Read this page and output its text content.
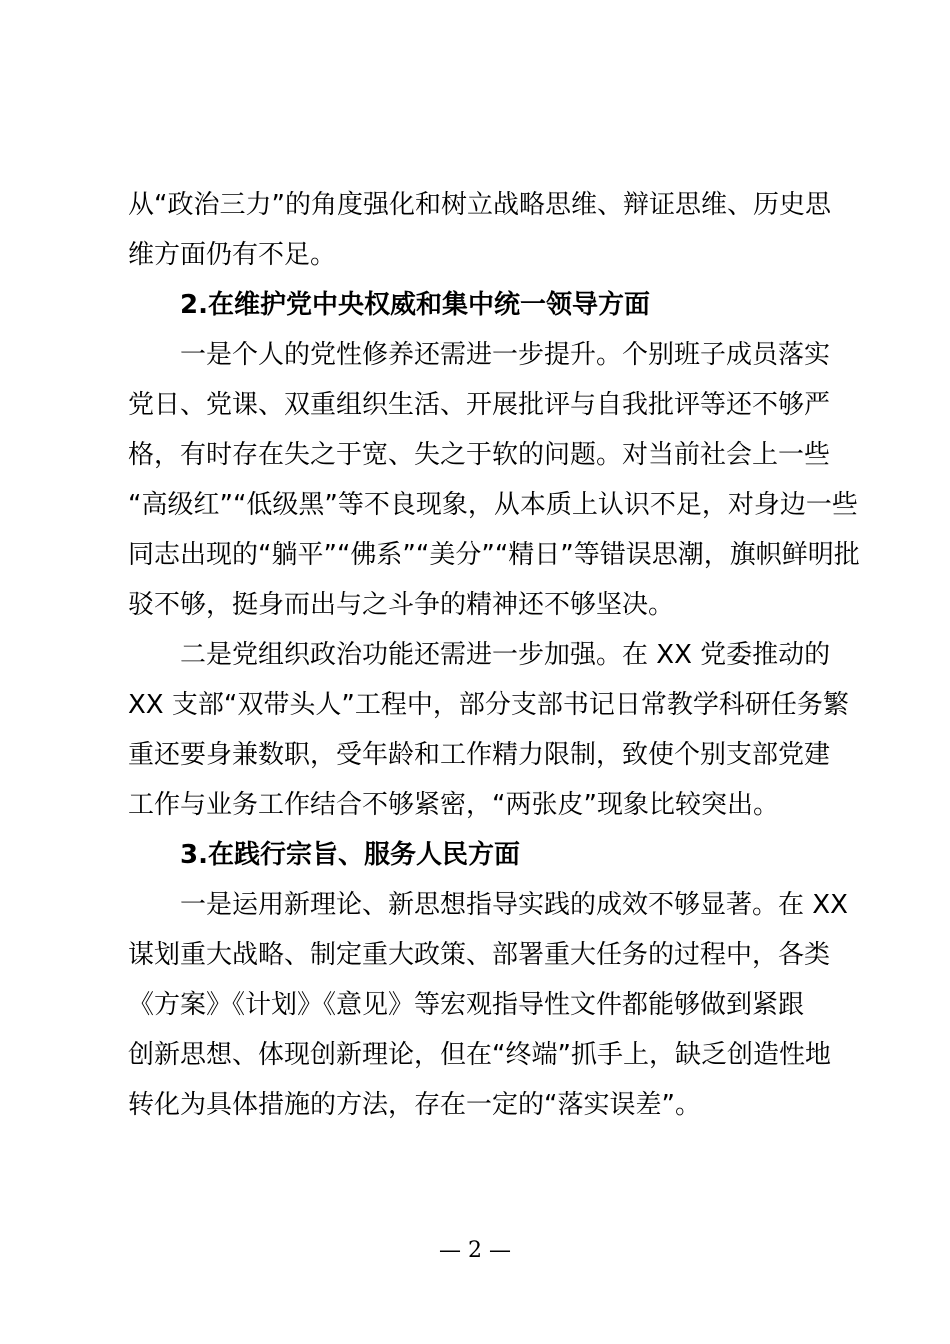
从“政治三力”的角度强化和树立战略思维、辩证思维、历史思
维方面仍有不足。
2.在维护党中央权威和集中统一领导方面
一是个人的党性修养还需进一步提升。个别班子成员落实
党日、党课、双重组织生活、开展批评与自我批评等还不够严
格，有时存在失之于宽、失之于软的问题。对当前社会上一些
“高级红”“低级黑”等不良现象，从本质上认识不足，对身边一些
同志出现的“躺平”“佛系”“美分”“精日”等错误思潮，旗帜鲜明批
驳不够，挺身而出与之斗争的精神还不够坚决。
二是党组织政治功能还需进一步加强。在 XX 党委推动的
XX 支部“双带头人”工程中，部分支部书记日常教学科研任务繁
重还要身兼数职，受年龄和工作精力限制，致使个别支部党建
工作与业务工作结合不够紧密，“两张皮”现象比较突出。
3.在践行宗旨、服务人民方面
一是运用新理论、新思想指导实践的成效不够显著。在 XX
谋划重大战略、制定重大政策、部署重大任务的过程中，各类
《方案》《计划》《意见》等宏观指导性文件都能够做到紧跟
创新思想、体现创新理论，但在“终端”抓手上，缺乏创造性地
转化为具体措施的方法，存在一定的“落实误差”。
— 2 —
